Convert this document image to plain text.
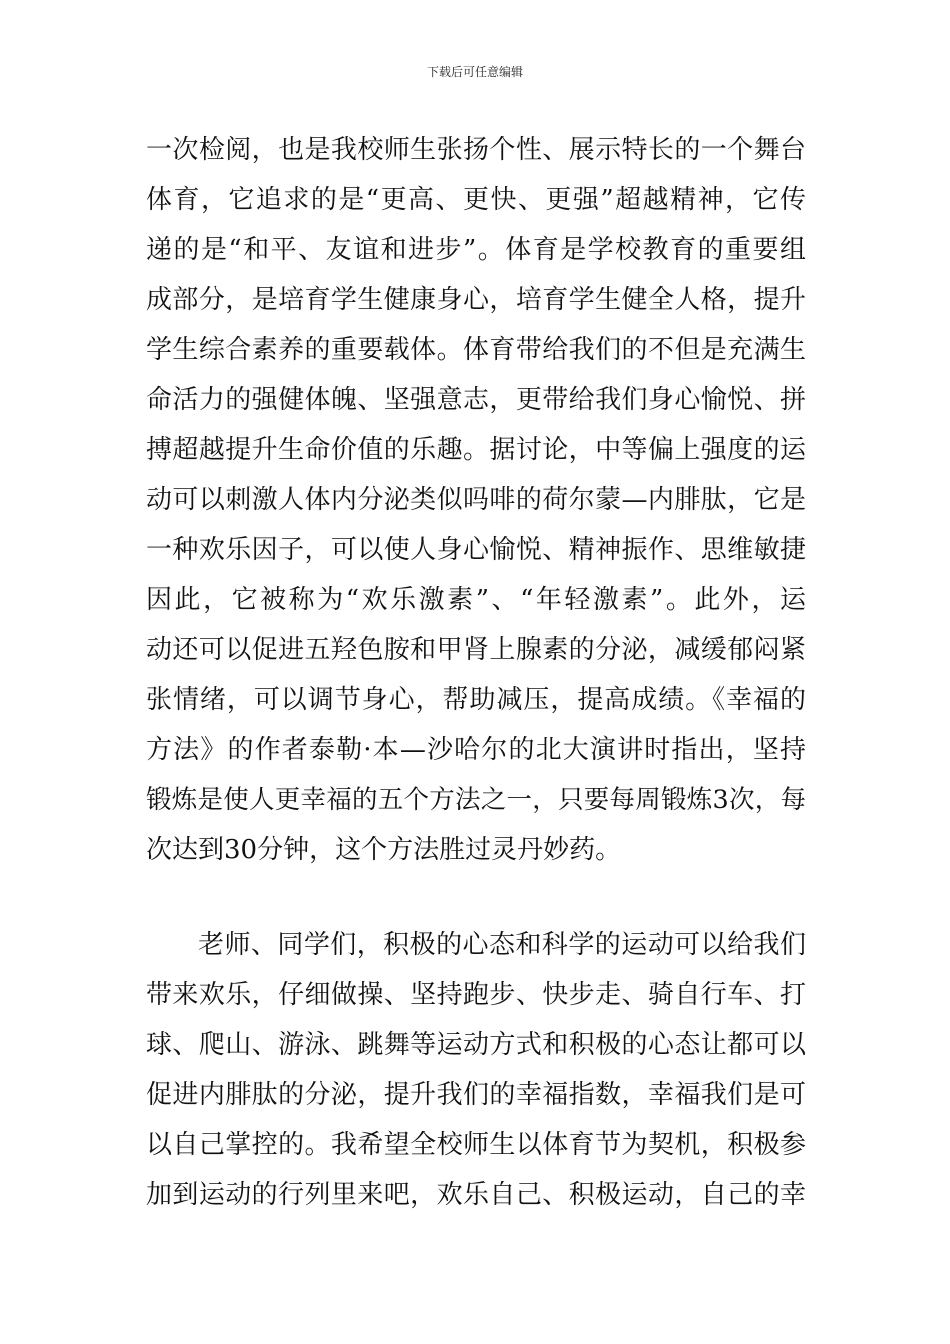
下载后可任意编辑
一次检阅，也是我校师生张扬个性、展示特长的一个舞台
体育，它追求的是“更高、更快、更强”超越精神，它传
递的是“和平、友谊和进步”。体育是学校教育的重要组
成部分，是培育学生健康身心，培育学生健全人格，提升
学生综合素养的重要载体。体育带给我们的不但是充满生
命活力的强健体魄、坚强意志，更带给我们身心愉悦、拼
搏超越提升生命价值的乐趣。据讨论，中等偏上强度的运
动可以刺激人体内分泌类似吗啡的荷尔蒙—内腓肽，它是
一种欢乐因子，可以使人身心愉悦、精神振作、思维敏捷
因此，它被称为“欢乐激素”、“年轻激素”。此外，运
动还可以促进五羟色胺和甲肾上腺素的分泌，减缓郁闷紧
张情绪，可以调节身心，帮助减压，提高成绩。《幸福的
方法》的作者泰勒·本—沙哈尔的北大演讲时指出，坚持
锻炼是使人更幸福的五个方法之一，只要每周锻炼3次，每
次达到30分钟，这个方法胜过灵丹妙药。
老师、同学们，积极的心态和科学的运动可以给我们
带来欢乐，仔细做操、坚持跑步、快步走、骑自行车、打
球、爬山、游泳、跳舞等运动方式和积极的心态让都可以
促进内腓肽的分泌，提升我们的幸福指数，幸福我们是可
以自己掌控的。我希望全校师生以体育节为契机，积极参
加到运动的行列里来吧，欢乐自己、积极运动，自己的幸
